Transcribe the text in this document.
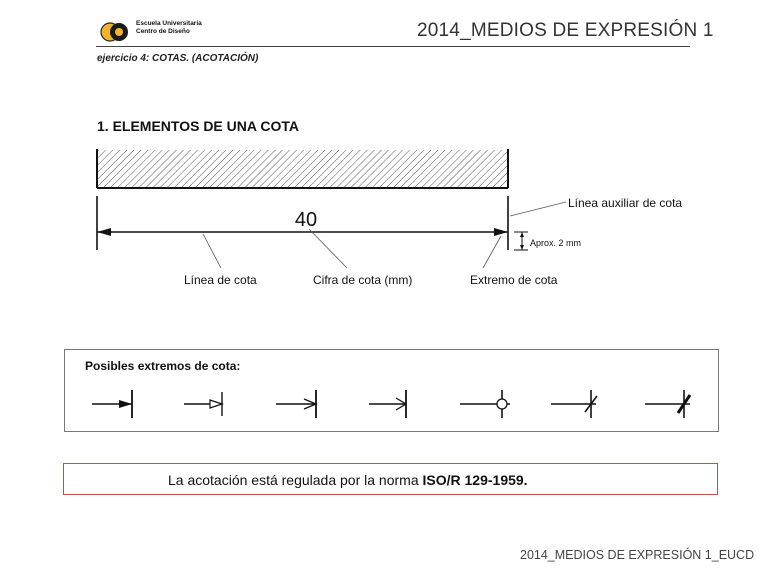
Escuela Universitaria
Centro de Diseño	2014_MEDIOS DE EXPRESIÓN 1
ejercicio 4: COTAS. (ACOTACIÓN)
1. ELEMENTOS DE UNA COTA
40
Aprox. 2 mm
Línea auxiliar de cota
Línea de cota	Cifra de cota (mm)	Extremo de cota
Posibles extremos de cota:
La acotación está regulada por la norma ISO/R 129-1959.
2014_MEDIOS DE EXPRESIÓN 1_EUCD
